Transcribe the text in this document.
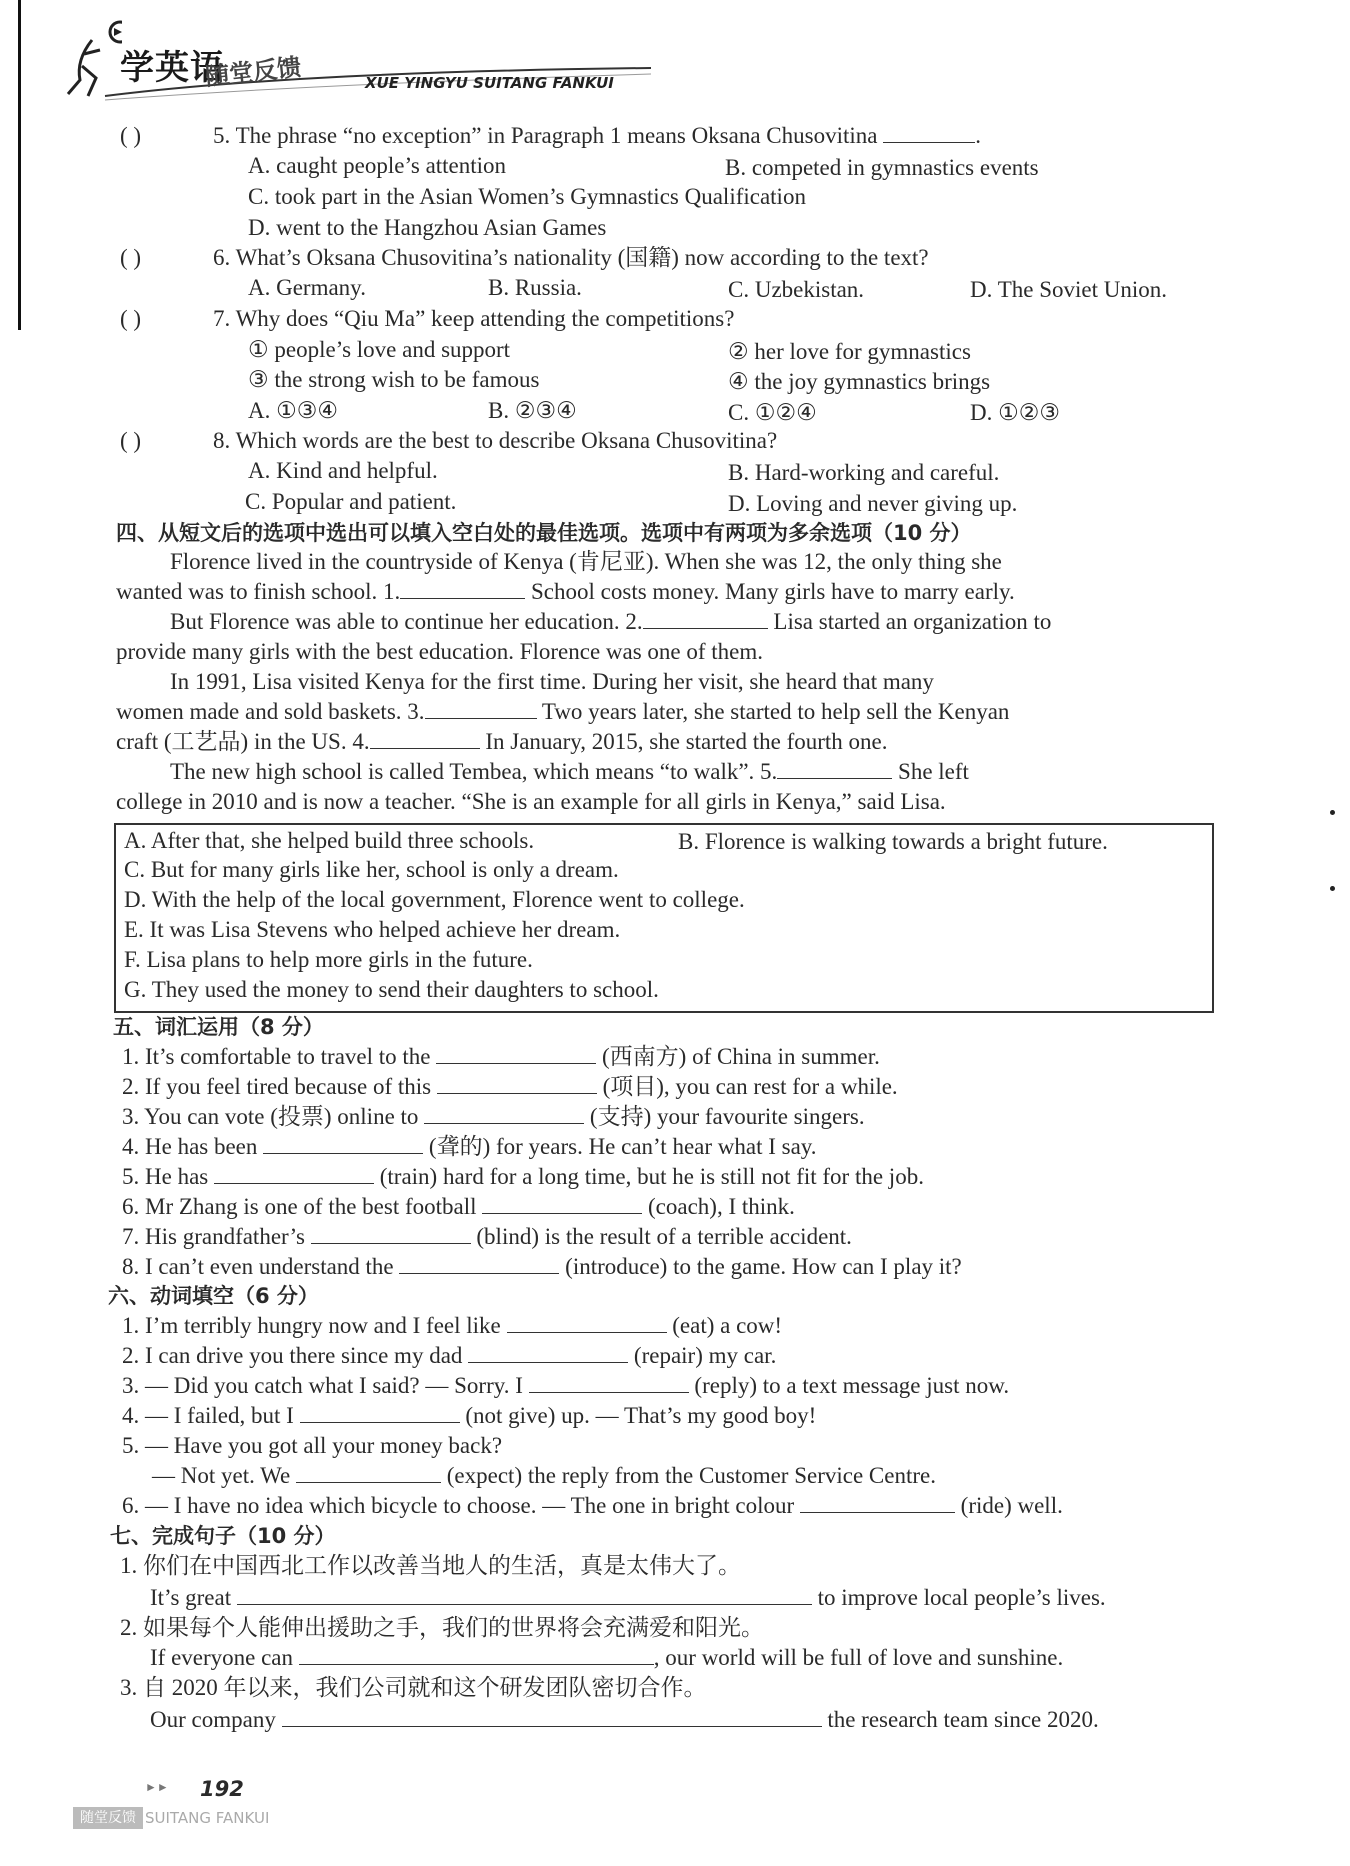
学英语
随堂反馈	XUE YINGYU SUITANG FANKUI
( )	5. The phrase “no exception” in Paragraph 1 means Oksana Chusovitina	.
A. caught people’s attention	B. competed in gymnastics events
C. took part in the Asian Women’s Gymnastics Qualification
D. went to the Hangzhou Asian Games
( )	6. What’s Oksana Chusovitina’s nationality (国籍) now according to the text?
A. Germany.	B. Russia.	C. Uzbekistan.	D. The Soviet Union.
( )	7. Why does “Qiu Ma” keep attending the competitions?
① people’s love and support	② her love for gymnastics
③ the strong wish to be famous	④ the joy gymnastics brings
A. ①③④	B. ②③④	C. ①②④	D. ①②③
( )	8. Which words are the best to describe Oksana Chusovitina?
A. Kind and helpful.	B. Hard-working and careful.
C. Popular and patient.	D. Loving and never giving up.
四、从短文后的选项中选出可以填入空白处的最佳选项。选项中有两项为多余选项（10 分）
Florence lived in the countryside of Kenya (肯尼亚). When she was 12, the only thing she
wanted was to finish school. 1.	School costs money. Many girls have to marry early.
But Florence was able to continue her education. 2.	Lisa started an organization to
provide many girls with the best education. Florence was one of them.
In 1991, Lisa visited Kenya for the first time. During her visit, she heard that many
women made and sold baskets. 3.	Two years later, she started to help sell the Kenyan
craft (工艺品) in the US. 4.	In January, 2015, she started the fourth one.
The new high school is called Tembea, which means “to walk”. 5.	She left
college in 2010 and is now a teacher. “She is an example for all girls in Kenya,” said Lisa.
A. After that, she helped build three schools.	B. Florence is walking towards a bright future.
C. But for many girls like her, school is only a dream.
D. With the help of the local government, Florence went to college.
E. It was Lisa Stevens who helped achieve her dream.
F. Lisa plans to help more girls in the future.
G. They used the money to send their daughters to school.
五、词汇运用（8 分）
1. It’s comfortable to travel to the	(西南方) of China in summer.
2. If you feel tired because of this	(项目), you can rest for a while.
3. You can vote (投票) online to	(支持) your favourite singers.
4. He has been	(聋的) for years. He can’t hear what I say.
5. He has	(train) hard for a long time, but he is still not fit for the job.
6. Mr Zhang is one of the best football	(coach), I think.
7. His grandfather’s	(blind) is the result of a terrible accident.
8. I can’t even understand the	(introduce) to the game. How can I play it?
六、动词填空（6 分）
1. I’m terribly hungry now and I feel like	(eat) a cow!
2. I can drive you there since my dad	(repair) my car.
3. — Did you catch what I said? — Sorry. I	(reply) to a text message just now.
4. — I failed, but I	(not give) up. — That’s my good boy!
5. — Have you got all your money back?
— Not yet. We	(expect) the reply from the Customer Service Centre.
6. — I have no idea which bicycle to choose. — The one in bright colour	(ride) well.
七、完成句子（10 分）
1. 你们在中国西北工作以改善当地人的生活，真是太伟大了。
It’s great	to improve local people’s lives.
2. 如果每个人能伸出援助之手，我们的世界将会充满爱和阳光。
If everyone can	, our world will be full of love and sunshine.
3. 自 2020 年以来，我们公司就和这个研发团队密切合作。
Our company	the research team since 2020.
►► 192
随堂反馈 SUITANG FANKUI
